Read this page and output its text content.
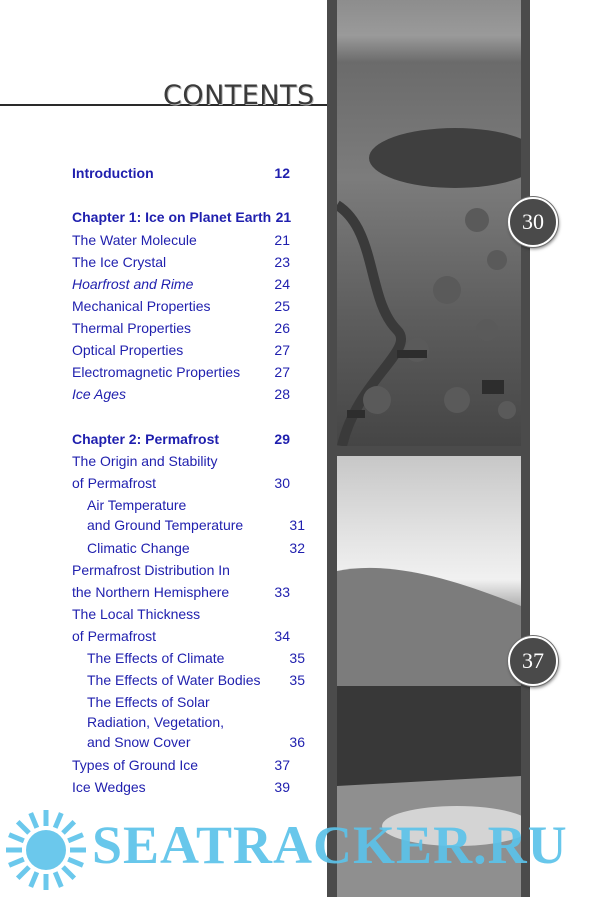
CONTENTS
Introduction	12
Chapter 1: Ice on Planet Earth 21
The Water Molecule	21
The Ice Crystal	23
Hoarfrost and Rime	24
Mechanical Properties	25
Thermal Properties	26
Optical Properties	27
Electromagnetic Properties	27
Ice Ages	28
Chapter 2: Permafrost	29
The Origin and Stability
of Permafrost	30
Air Temperature
and Ground Temperature	31
Climatic Change	32
Permafrost Distribution In
the Northern Hemisphere	33
The Local Thickness
of Permafrost	34
The Effects of Climate	35
The Effects of Water Bodies	35
The Effects of Solar
Radiation, Vegetation,
and Snow Cover	36
Types of Ground Ice	37
Ice Wedges	39
30
37
SEATRACKER.RU
